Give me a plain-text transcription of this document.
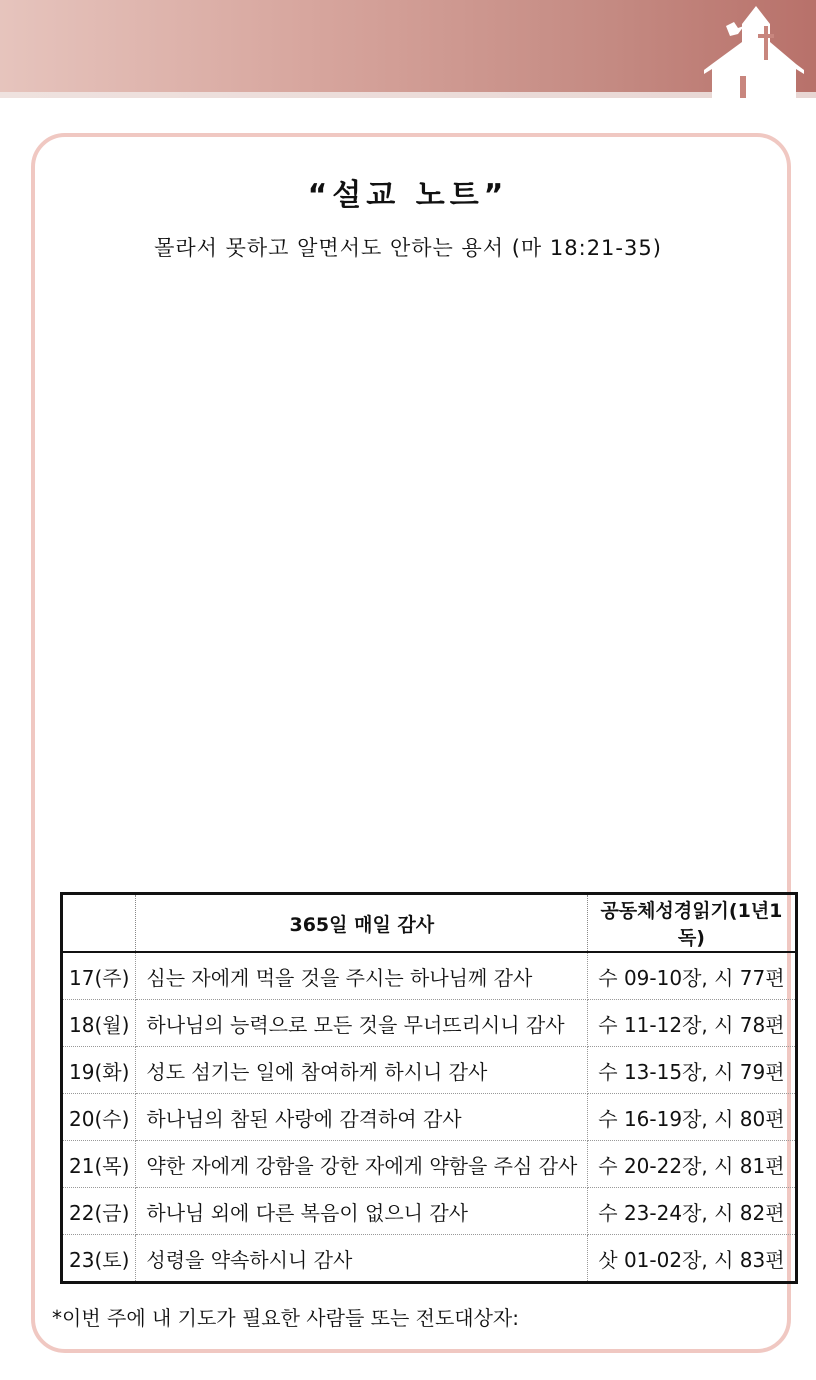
“설교 노트”
몰라서 못하고 알면서도 안하는 용서 (마 18:21-35)
	365일 매일 감사	공동체성경읽기(1년1독)
17(주)	심는 자에게 먹을 것을 주시는 하나님께 감사	수 09-10장, 시 77편
18(월)	하나님의 능력으로 모든 것을 무너뜨리시니 감사	수 11-12장, 시 78편
19(화)	성도 섬기는 일에 참여하게 하시니 감사	수 13-15장, 시 79편
20(수)	하나님의 참된 사랑에 감격하여 감사	수 16-19장, 시 80편
21(목)	약한 자에게 강함을 강한 자에게 약함을 주심 감사	수 20-22장, 시 81편
22(금)	하나님 외에 다른 복음이 없으니 감사	수 23-24장, 시 82편
23(토)	성령을 약속하시니 감사	삿 01-02장, 시 83편
*이번 주에 내 기도가 필요한 사람들 또는 전도대상자:
